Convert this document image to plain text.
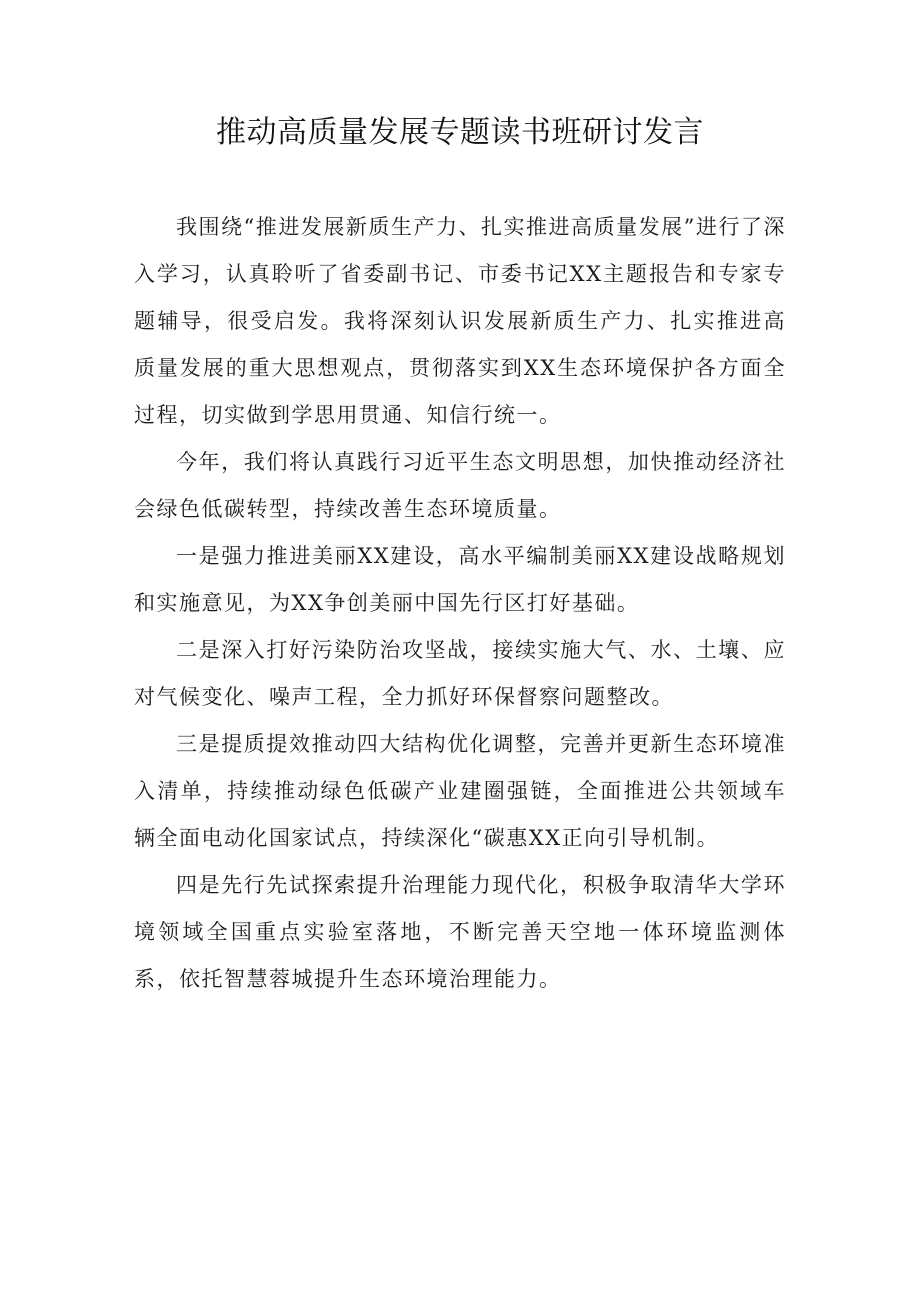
推动高质量发展专题读书班研讨发言

我围绕“推进发展新质生产力、扎实推进高质量发展”进行了深入学习，认真聆听了省委副书记、市委书记XX主题报告和专家专题辅导，很受启发。我将深刻认识发展新质生产力、扎实推进高质量发展的重大思想观点，贯彻落实到XX生态环境保护各方面全过程，切实做到学思用贯通、知信行统一。

今年，我们将认真践行习近平生态文明思想，加快推动经济社会绿色低碳转型，持续改善生态环境质量。

一是强力推进美丽XX建设，高水平编制美丽XX建设战略规划和实施意见，为XX争创美丽中国先行区打好基础。

二是深入打好污染防治攻坚战，接续实施大气、水、土壤、应对气候变化、噪声工程，全力抓好环保督察问题整改。

三是提质提效推动四大结构优化调整，完善并更新生态环境准入清单，持续推动绿色低碳产业建圈强链，全面推进公共领域车辆全面电动化国家试点，持续深化“碳惠XX正向引导机制。

四是先行先试探索提升治理能力现代化，积极争取清华大学环境领域全国重点实验室落地，不断完善天空地一体环境监测体系，依托智慧蓉城提升生态环境治理能力。
